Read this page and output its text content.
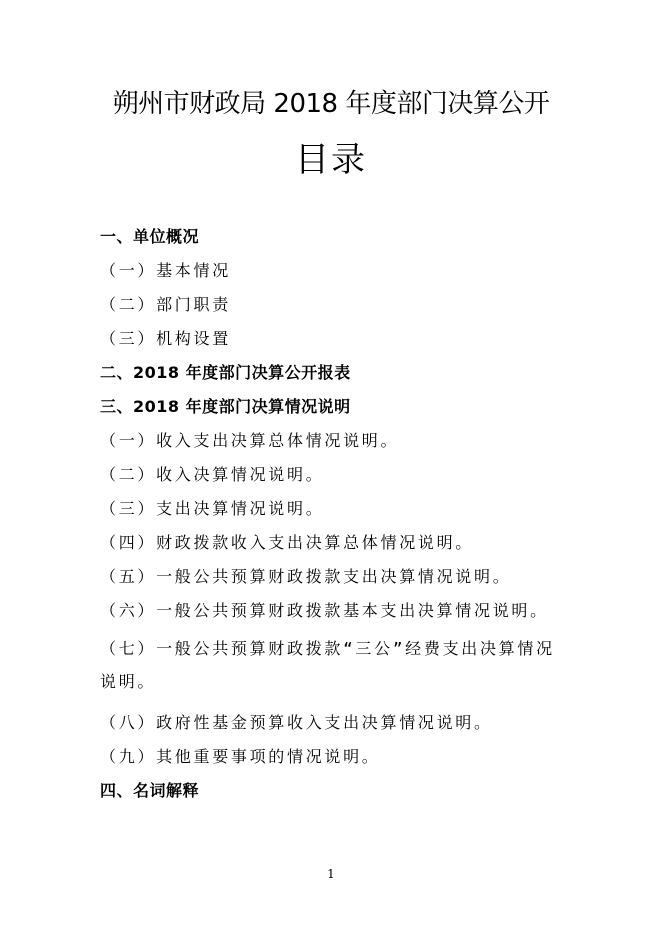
朔州市财政局 2018 年度部门决算公开
目录
一、单位概况
（一）基本情况
（二）部门职责
（三）机构设置
二、2018 年度部门决算公开报表
三、2018 年度部门决算情况说明
（一）收入支出决算总体情况说明。
（二）收入决算情况说明。
（三）支出决算情况说明。
（四）财政拨款收入支出决算总体情况说明。
（五）一般公共预算财政拨款支出决算情况说明。
（六）一般公共预算财政拨款基本支出决算情况说明。
（七）一般公共预算财政拨款“三公”经费支出决算情况说明。
（八）政府性基金预算收入支出决算情况说明。
（九）其他重要事项的情况说明。
四、名词解释
1
